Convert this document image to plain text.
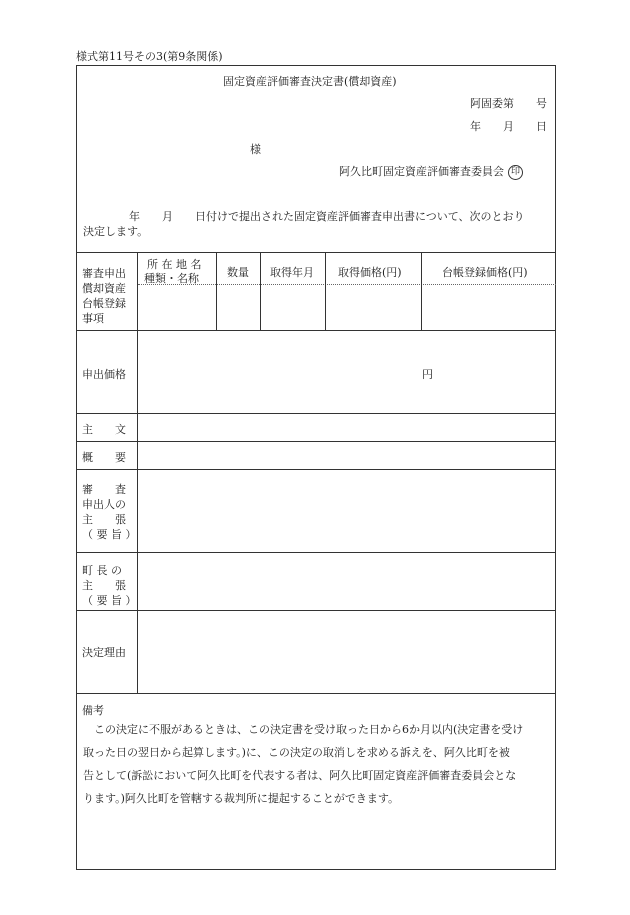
様式第11号その3(第9条関係)
固定資産評価審査決定書(償却資産)
阿固委第　　号
年　　月　　日
様
阿久比町固定資産評価審査委員会 印
年　　月　　日付けで提出された固定資産評価審査申出書について、次のとおり
決定します。
審査申出
償却資産
台帳登録
事項
所 在 地 名
種類・名称	数量 取得年月 取得価格(円)	台帳登録価格(円)
申出価格	円
主　　文
概　　要
審　　査
申出人の
主　　張
（ 要 旨 ）
町 長 の
主　　張
（ 要 旨 ）
決定理由
備考
　この決定に不服があるときは、この決定書を受け取った日から6か月以内(決定書を受け
取った日の翌日から起算します。)に、この決定の取消しを求める訴えを、阿久比町を被
告として(訴訟において阿久比町を代表する者は、阿久比町固定資産評価審査委員会とな
ります。)阿久比町を管轄する裁判所に提起することができます。
